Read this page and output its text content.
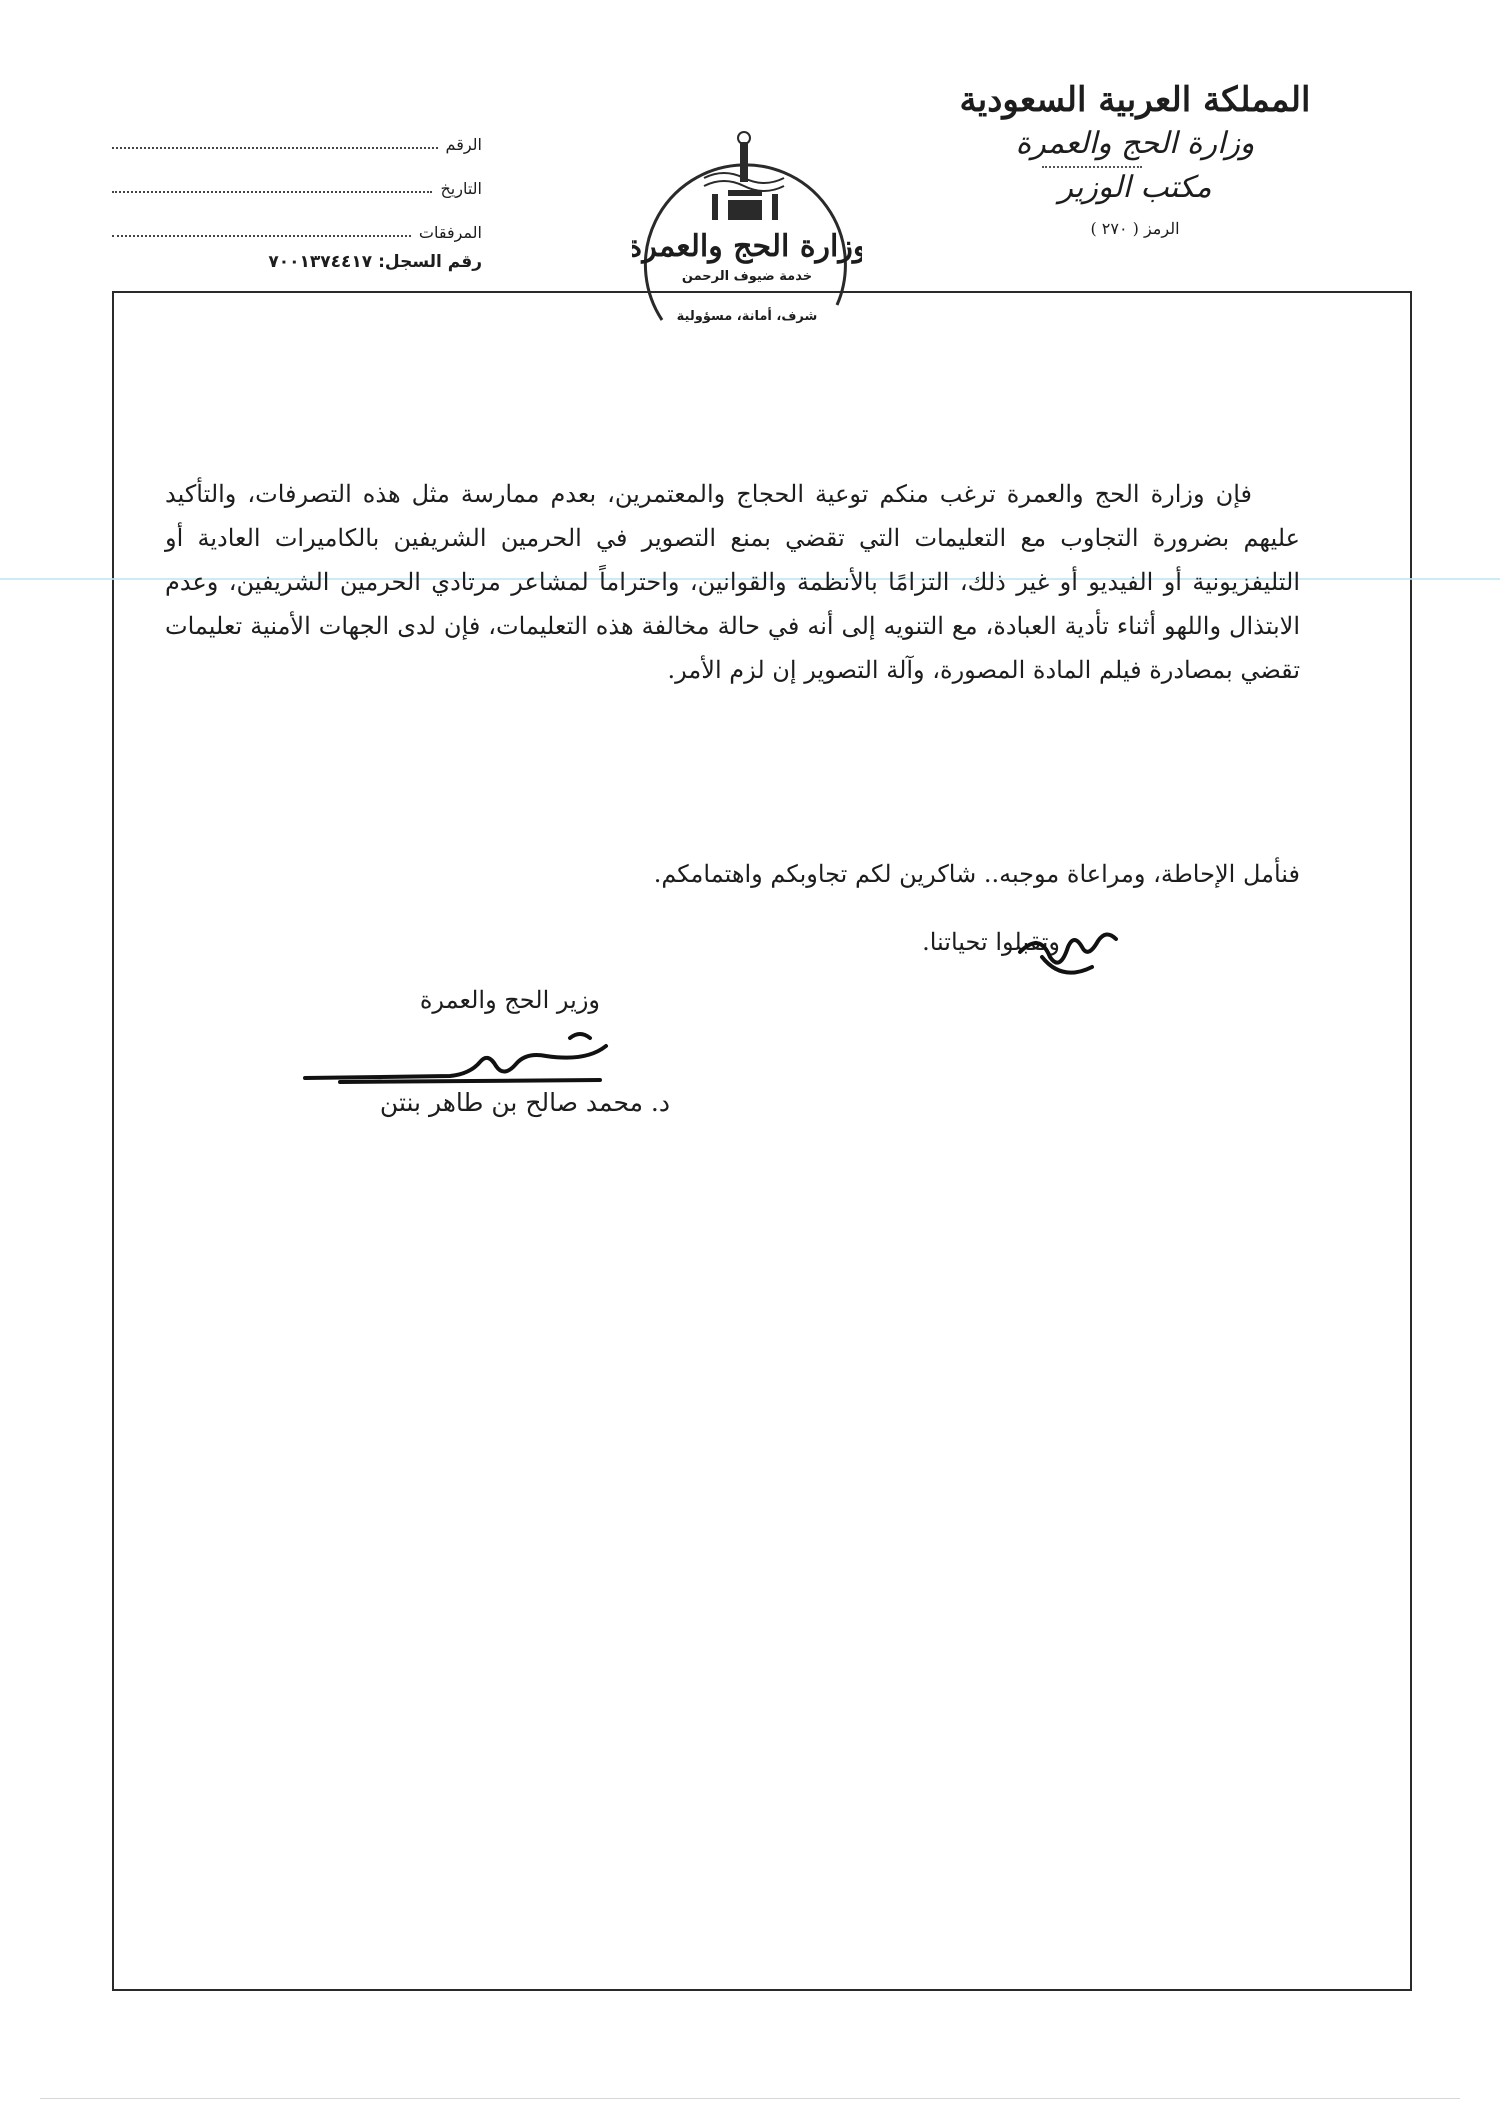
المملكة العربية السعودية
وزارة الحج والعمرة
مكتب الوزير
الرمز ( ٢٧٠ )
وزارة الحج والعمرة
خدمة ضيوف الرحمن
شرف، أمانة، مسؤولية
الرقم
التاريخ
المرفقات
رقم السجل: ٧٠٠١٣٧٤٤١٧

فإن وزارة الحج والعمرة ترغب منكم توعية الحجاج والمعتمرين، بعدم ممارسة مثل هذه التصرفات، والتأكيد عليهم بضرورة التجاوب مع التعليمات التي تقضي بمنع التصوير في الحرمين الشريفين بالكاميرات العادية أو التليفزيونية أو الفيديو أو غير ذلك، التزامًا بالأنظمة والقوانين، واحتراماً لمشاعر مرتادي الحرمين الشريفين، وعدم الابتذال واللهو أثناء تأدية العبادة، مع التنويه إلى أنه في حالة مخالفة هذه التعليمات، فإن لدى الجهات الأمنية تعليمات تقضي بمصادرة فيلم المادة المصورة، وآلة التصوير إن لزم الأمر.

فنأمل الإحاطة، ومراعاة موجبه.. شاكرين لكم تجاوبكم واهتمامكم.
وتقبلوا تحياتنا.
وزير الحج والعمرة
د. محمد صالح بن طاهر بنتن
